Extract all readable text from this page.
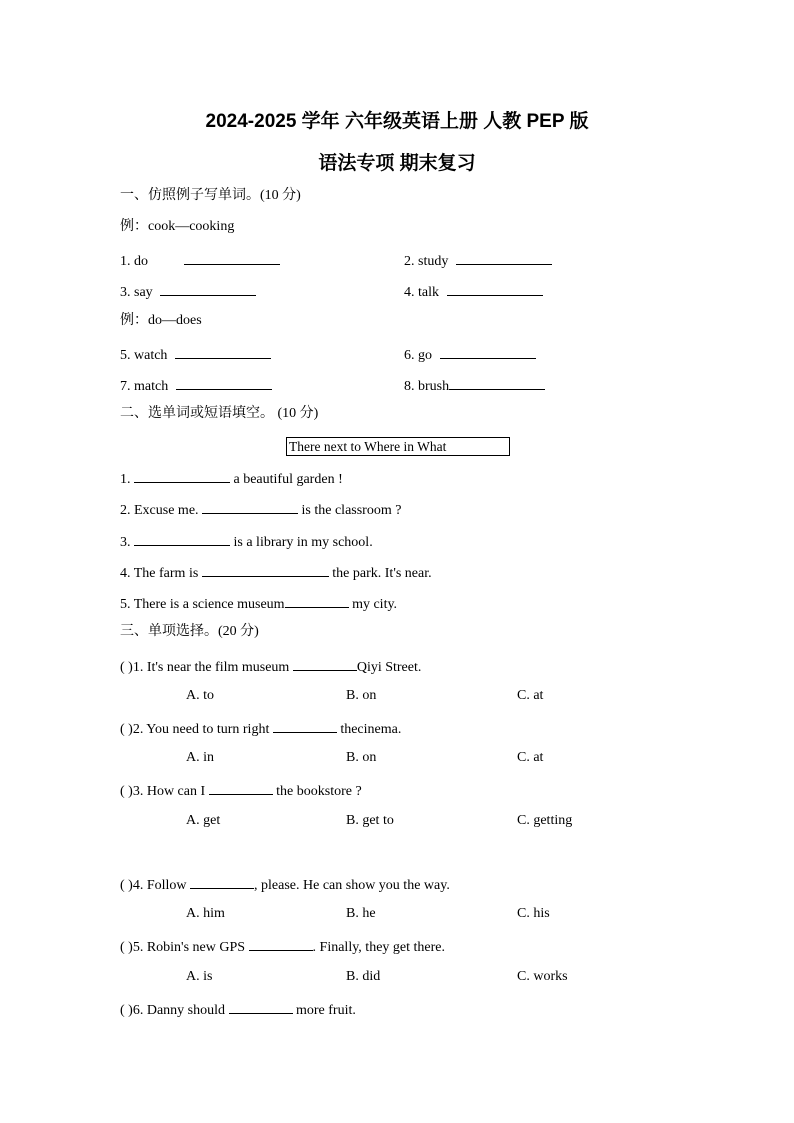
2024-2025 学年 六年级英语上册 人教 PEP 版
语法专项 期末复习
一、仿照例子写单词。(10 分)
例：cook—cooking
1. do	2. study
3. say	4. talk
例：do—does
5. watch	6. go
7. match	8. brush
二、选单词或短语填空。 (10 分)
There next to Where in What
1.	a beautiful garden !
2. Excuse me.	is the classroom ?
3.	is a library in my school.
4. The farm is	the park. It's near.
5. There is a science museum	my city.
三、单项选择。(20 分)
( )1. It's near the film museum	Qiyi Street.
A. to	B. on	C. at
( )2. You need to turn right	thecinema.
A. in	B. on	C. at
( )3. How can I	the bookstore ?
A. get	B. get to	C. getting
( )4. Follow	, please. He can show you the way.
A. him	B. he	C. his
( )5. Robin's new GPS	. Finally, they get there.
A. is	B. did	C. works
( )6. Danny should	more fruit.
